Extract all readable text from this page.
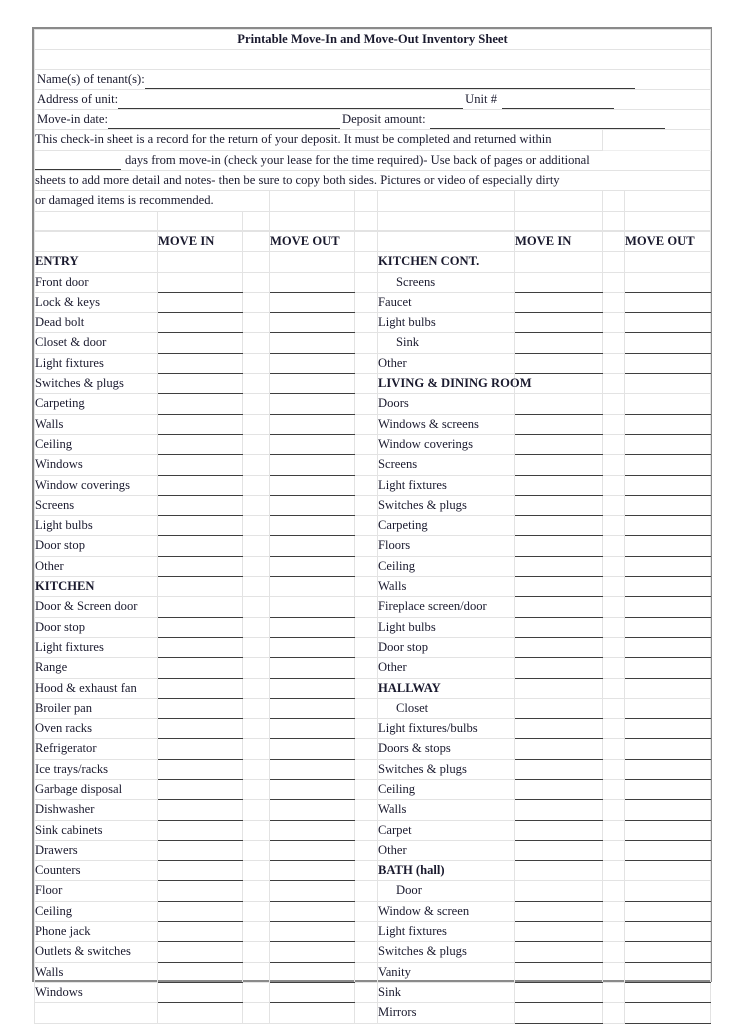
Printable Move-In and Move-Out Inventory Sheet								

Name(s) of tenant(s):								
Address of unit: Unit #								
Move-in date: Deposit amount:								
This check-in sheet is a record for the return of your deposit. It must be completed and returned within								
days from move-in (check your lease for the time required)- Use back of pages or additional								
sheets to add more detail and notes- then be sure to copy both sides. Pictures or video of especially dirty								
or damaged items is recommended.								

	MOVE IN		MOVE OUT			MOVE IN		MOVE OUT
ENTRY					KITCHEN CONT.			
Front door					Screens			
Lock & keys					Faucet			
Dead bolt					Light bulbs			
Closet & door					Sink			
Light fixtures					Other			
Switches & plugs					LIVING & DINING ROOM			
Carpeting					Doors			
Walls					Windows & screens			
Ceiling					Window coverings			
Windows					Screens			
Window coverings					Light fixtures			
Screens					Switches & plugs			
Light bulbs					Carpeting			
Door stop					Floors			
Other					Ceiling			
KITCHEN					Walls			
Door & Screen door					Fireplace screen/door			
Door stop					Light bulbs			
Light fixtures					Door stop			
Range					Other			
Hood & exhaust fan					HALLWAY			
Broiler pan					Closet			
Oven racks					Light fixtures/bulbs			
Refrigerator					Doors & stops			
Ice trays/racks					Switches & plugs			
Garbage disposal					Ceiling			
Dishwasher					Walls			
Sink cabinets					Carpet			
Drawers					Other			
Counters					BATH (hall)			
Floor					Door			
Ceiling					Window & screen			
Phone jack					Light fixtures			
Outlets & switches					Switches & plugs			
Walls					Vanity			
Windows					Sink			
					Mirrors			
